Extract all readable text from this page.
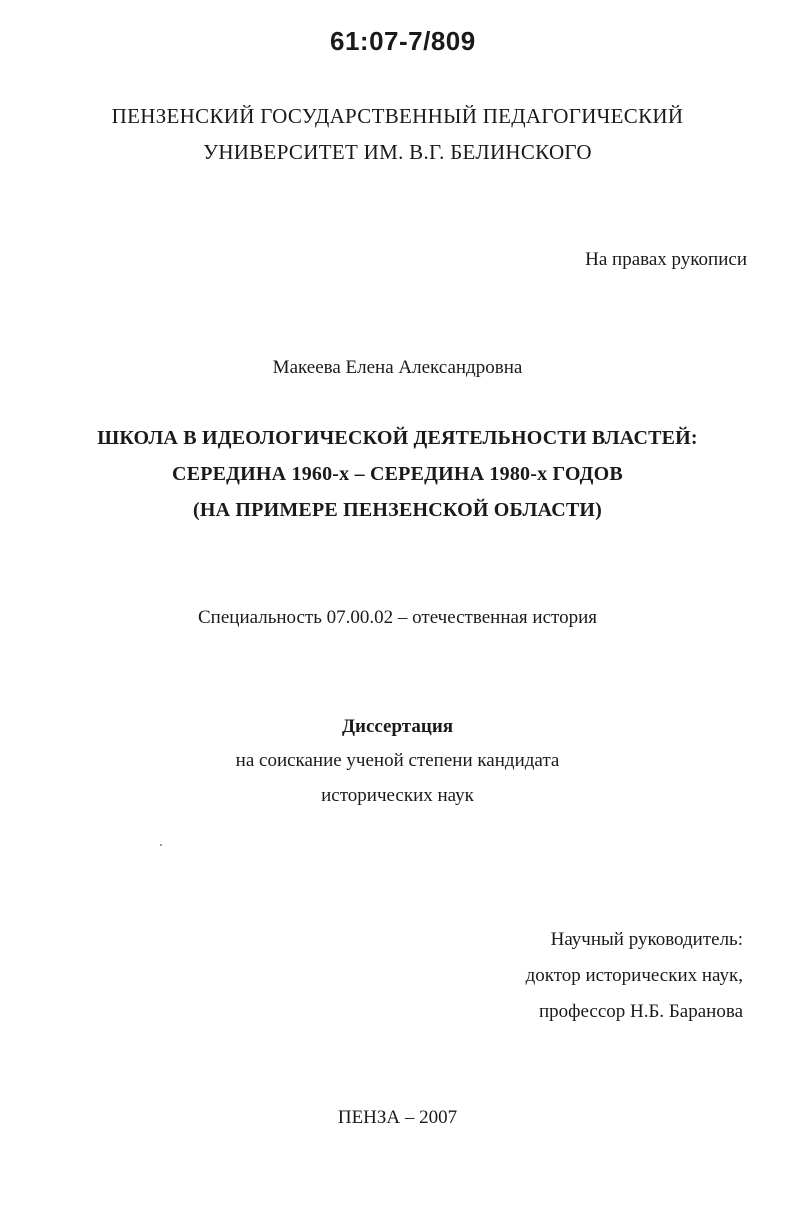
61:07-7/809
ПЕНЗЕНСКИЙ ГОСУДАРСТВЕННЫЙ ПЕДАГОГИЧЕСКИЙ
УНИВЕРСИТЕТ ИМ. В.Г. БЕЛИНСКОГО
На правах рукописи
Макеева Елена Александровна
ШКОЛА В ИДЕОЛОГИЧЕСКОЙ ДЕЯТЕЛЬНОСТИ ВЛАСТЕЙ:
СЕРЕДИНА 1960-х – СЕРЕДИНА 1980-х ГОДОВ
(НА ПРИМЕРЕ ПЕНЗЕНСКОЙ ОБЛАСТИ)
Специальность 07.00.02 – отечественная история
Диссертация
на соискание ученой степени кандидата
исторических наук
Научный руководитель:
доктор исторических наук,
профессор Н.Б. Баранова
ПЕНЗА – 2007
